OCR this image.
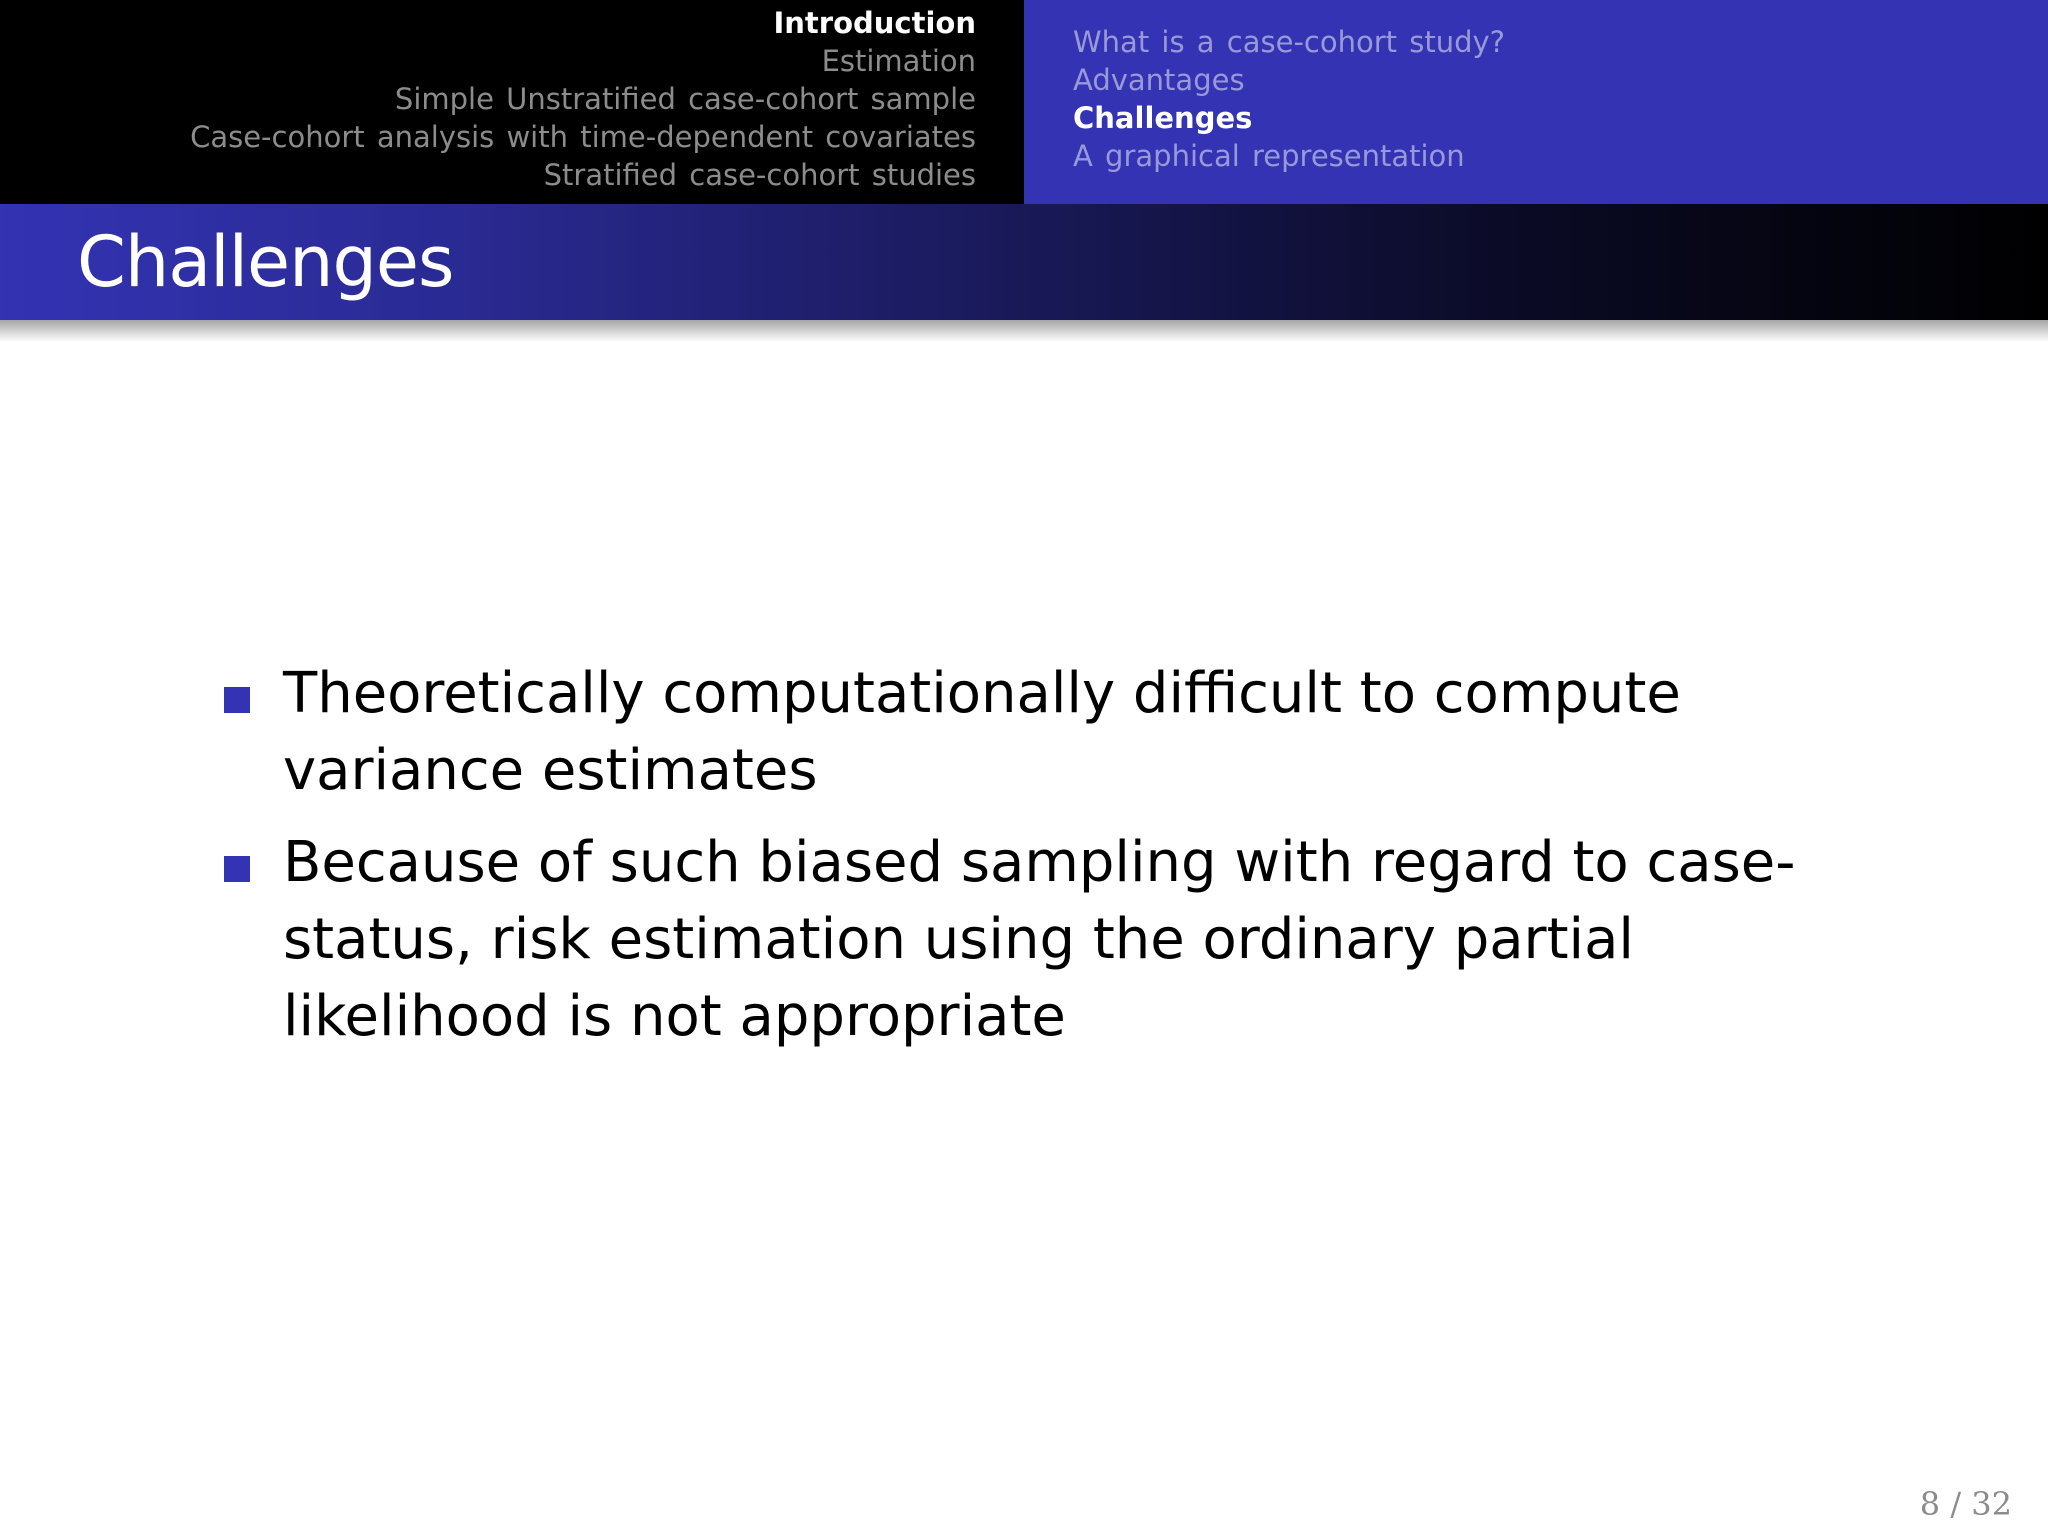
Introduction
Estimation
Simple Unstratified case-cohort sample
Case-cohort analysis with time-dependent covariates
Stratified case-cohort studies
What is a case-cohort study?
Advantages
Challenges
A graphical representation
Challenges
Theoretically computationally difficult to compute variance estimates
Because of such biased sampling with regard to case-status, risk estimation using the ordinary partial likelihood is not appropriate
8 / 32
